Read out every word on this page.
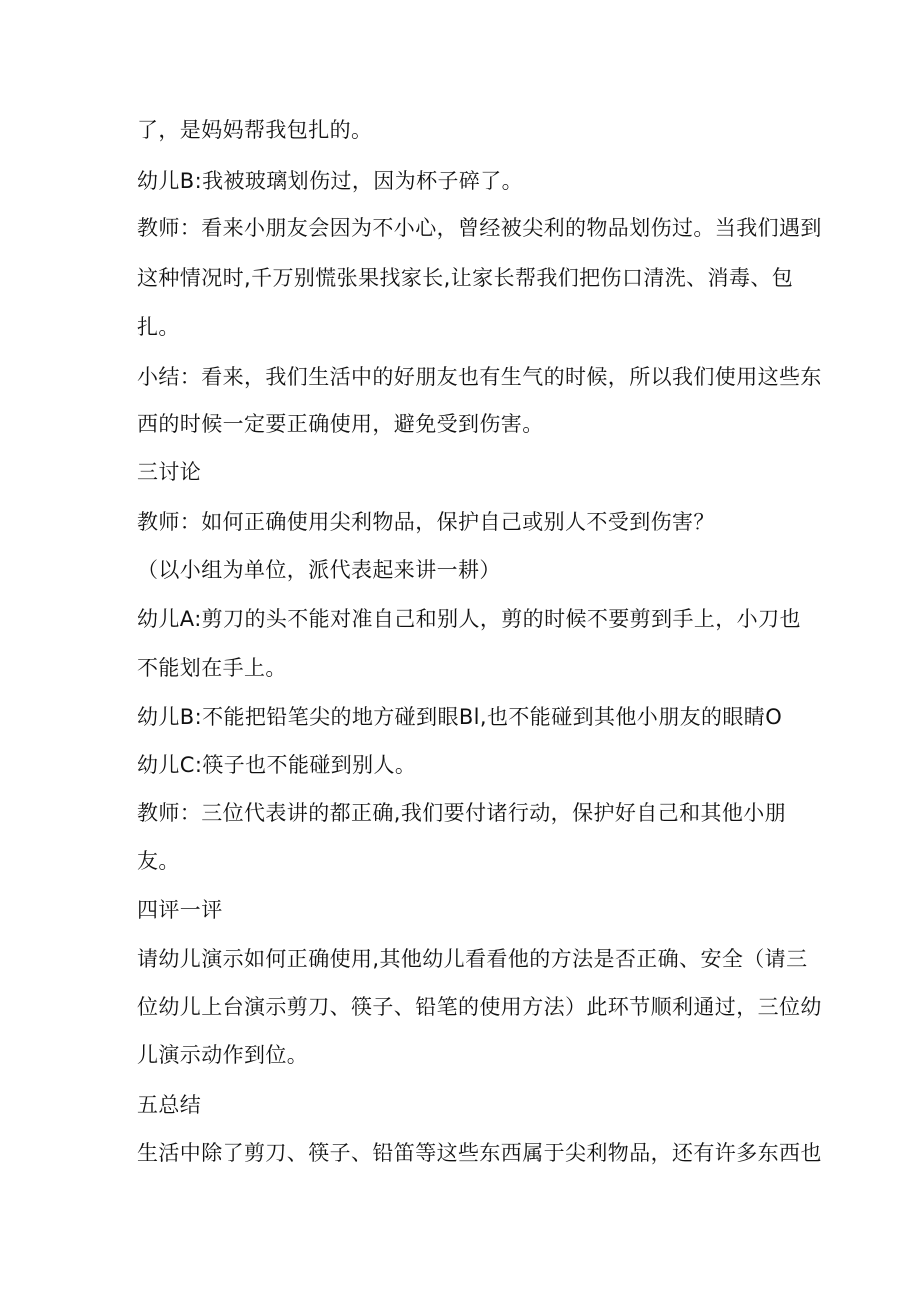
了，是妈妈帮我包扎的。
幼儿B:我被玻璃划伤过，因为杯子碎了。
教师：看来小朋友会因为不小心，曾经被尖利的物品划伤过。当我们遇到
这种情况时,千万别慌张果找家长,让家长帮我们把伤口清洗、消毒、包
扎。
小结：看来，我们生活中的好朋友也有生气的时候，所以我们使用这些东
西的时候一定要正确使用，避免受到伤害。
三讨论
教师：如何正确使用尖利物品，保护自己或别人不受到伤害？
（以小组为单位，派代表起来讲一耕）
幼儿A:剪刀的头不能对准自己和别人，剪的时候不要剪到手上，小刀也
不能划在手上。
幼儿B:不能把铅笔尖的地方碰到眼Bl,也不能碰到其他小朋友的眼睛O
幼儿C:筷子也不能碰到别人。
教师：三位代表讲的都正确,我们要付诸行动，保护好自己和其他小朋
友。
四评一评
请幼儿演示如何正确使用,其他幼儿看看他的方法是否正确、安全（请三
位幼儿上台演示剪刀、筷子、铅笔的使用方法）此环节顺利通过，三位幼
儿演示动作到位。
五总结
生活中除了剪刀、筷子、铅笛等这些东西属于尖利物品，还有许多东西也
